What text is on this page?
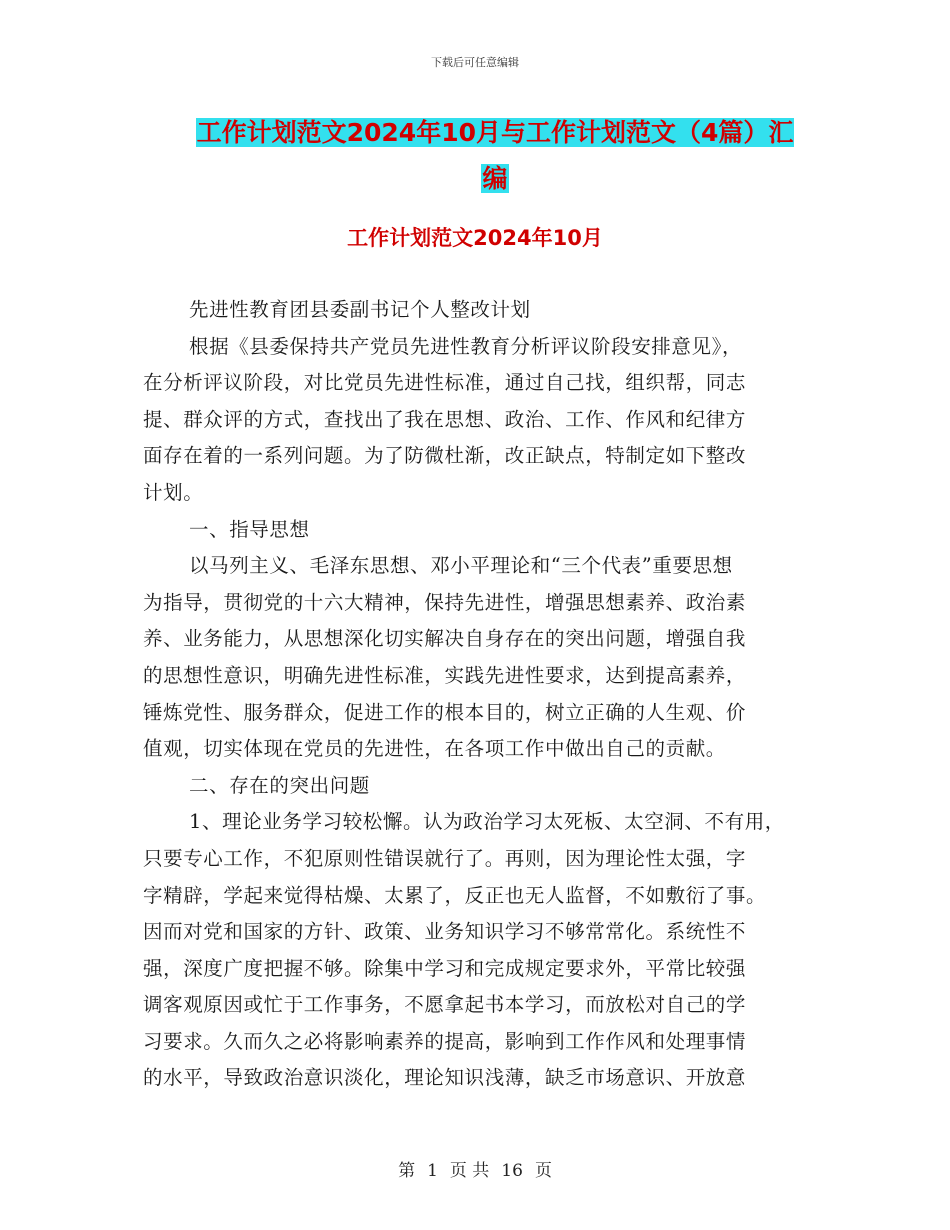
下载后可任意编辑
工作计划范文2024年10月与工作计划范文（4篇）汇
编
工作计划范文2024年10月
先进性教育团县委副书记个人整改计划
根据《县委保持共产党员先进性教育分析评议阶段安排意见》，
在分析评议阶段，对比党员先进性标准，通过自己找，组织帮，同志
提、群众评的方式，查找出了我在思想、政治、工作、作风和纪律方
面存在着的一系列问题。为了防微杜渐，改正缺点，特制定如下整改
计划。
一、指导思想
以马列主义、毛泽东思想、邓小平理论和“三个代表”重要思想
为指导，贯彻党的十六大精神，保持先进性，增强思想素养、政治素
养、业务能力，从思想深化切实解决自身存在的突出问题，增强自我
的思想性意识，明确先进性标准，实践先进性要求，达到提高素养，
锤炼党性、服务群众，促进工作的根本目的，树立正确的人生观、价
值观，切实体现在党员的先进性，在各项工作中做出自己的贡献。
二、存在的突出问题
1、理论业务学习较松懈。认为政治学习太死板、太空洞、不有用，
只要专心工作，不犯原则性错误就行了。再则，因为理论性太强，字
字精辟，学起来觉得枯燥、太累了，反正也无人监督，不如敷衍了事。
因而对党和国家的方针、政策、业务知识学习不够常常化。系统性不
强，深度广度把握不够。除集中学习和完成规定要求外，平常比较强
调客观原因或忙于工作事务，不愿拿起书本学习，而放松对自己的学
习要求。久而久之必将影响素养的提高，影响到工作作风和处理事情
的水平，导致政治意识淡化，理论知识浅薄，缺乏市场意识、开放意
第 1 页 共 16 页
